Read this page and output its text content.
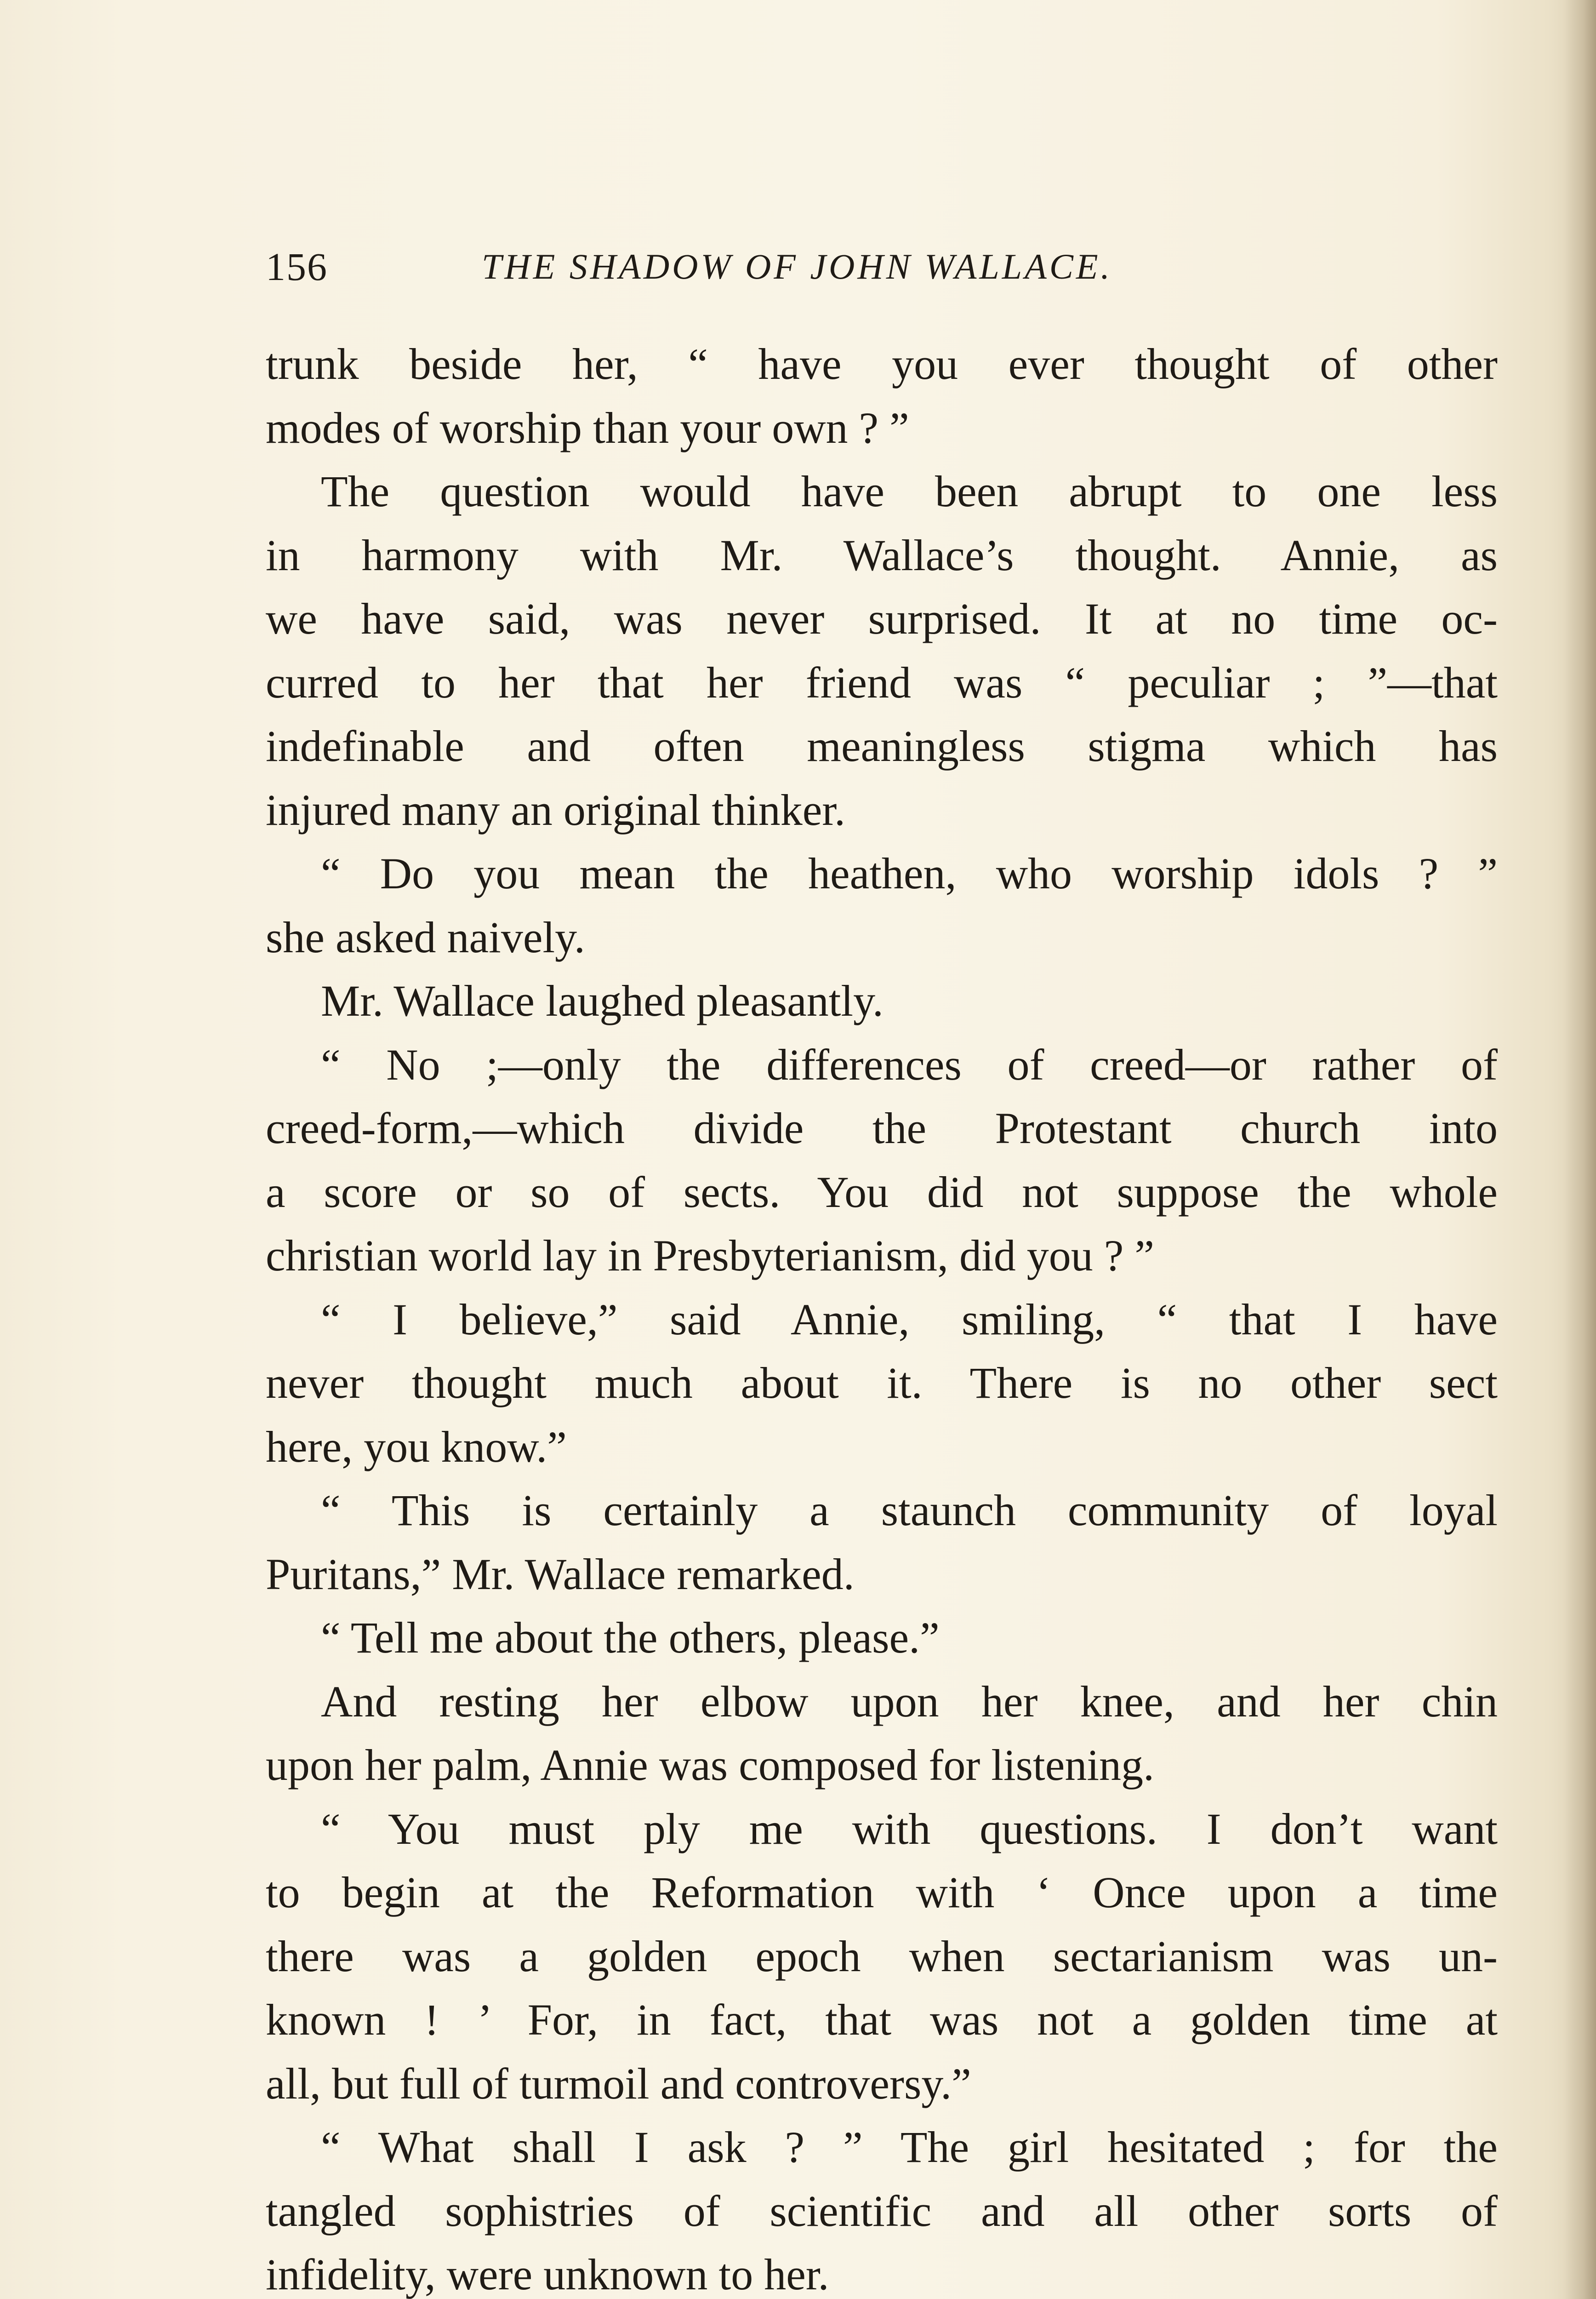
156	THE SHADOW OF JOHN WALLACE.
trunk beside her, “ have you ever thought of other
modes of worship than your own ? ”
The question would have been abrupt to one less
in harmony with Mr. Wallace’s thought. Annie, as
we have said, was never surprised. It at no time oc-
curred to her that her friend was “ peculiar ; ”—that
indefinable and often meaningless stigma which has
injured many an original thinker.
“ Do you mean the heathen, who worship idols ? ”
she asked naively.
Mr. Wallace laughed pleasantly.
“ No ;—only the differences of creed—or rather of
creed-form,—which divide the Protestant church into
a score or so of sects. You did not suppose the whole
christian world lay in Presbyterianism, did you ? ”
“ I believe,” said Annie, smiling, “ that I have
never thought much about it. There is no other sect
here, you know.”
“ This is certainly a staunch community of loyal
Puritans,” Mr. Wallace remarked.
“ Tell me about the others, please.”
And resting her elbow upon her knee, and her chin
upon her palm, Annie was composed for listening.
“ You must ply me with questions. I don’t want
to begin at the Reformation with ‘ Once upon a time
there was a golden epoch when sectarianism was un-
known ! ’ For, in fact, that was not a golden time at
all, but full of turmoil and controversy.”
“ What shall I ask ? ” The girl hesitated ; for the
tangled sophistries of scientific and all other sorts of
infidelity, were unknown to her.
